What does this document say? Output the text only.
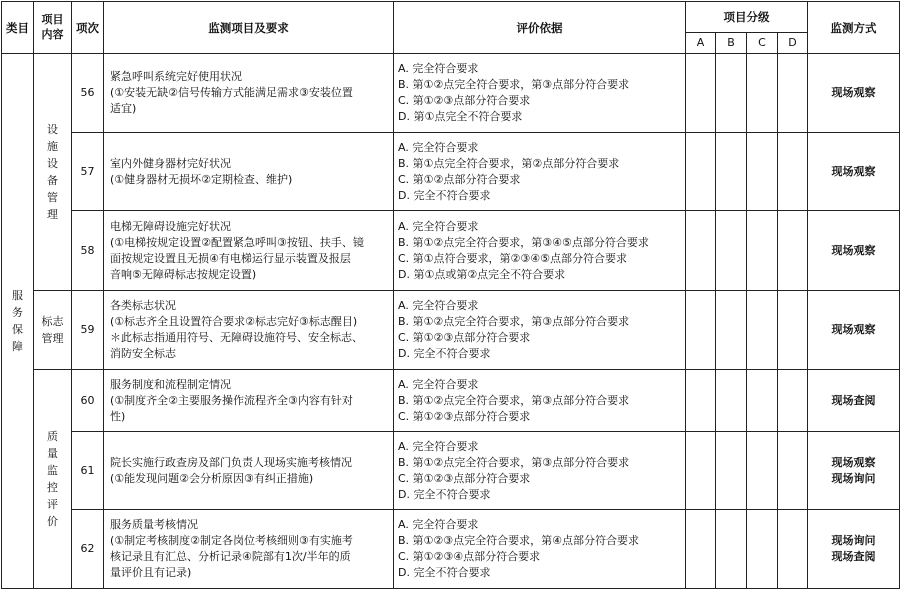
类目	项目内容	项次	监测项目及要求	评价依据	项目分级				监测方式
					A	B	C	D	
服务保障	设施设备管理	56	紧急呼叫系统完好使用状况
(①安装无缺②信号传输方式能满足需求③安装位置
适宜)	A. 完全符合要求
B. 第①②点完全符合要求，第③点部分符合要求
C. 第①②③点部分符合要求
D. 第①点完全不符合要求					现场观察

		57	室内外健身器材完好状况
(①健身器材无损坏②定期检查、维护)	A. 完全符合要求
B. 第①点完全符合要求，第②点部分符合要求
C. 第①②点部分符合要求
D. 完全不符合要求					现场观察

		58	电梯无障碍设施完好状况
(①电梯按规定设置②配置紧急呼叫③按钮、扶手、镜
面按规定设置且无损④有电梯运行显示装置及报层
音响⑤无障碍标志按规定设置)	A. 完全符合要求
B. 第①②点完全符合要求，第③④⑤点部分符合要求
C. 第①点符合要求，第②③④⑤点部分符合要求
D. 第①点或第②点完全不符合要求					现场观察

	标志管理	59	各类标志状况
(①标志齐全且设置符合要求②标志完好③标志醒目)
＊此标志指通用符号、无障碍设施符号、安全标志、
消防安全标志	A. 完全符合要求
B. 第①②点完全符合要求，第③点部分符合要求
C. 第①②③点部分符合要求
D. 完全不符合要求					现场观察

	质量监控评价	60	服务制度和流程制定情况
(①制度齐全②主要服务操作流程齐全③内容有针对
性)	A. 完全符合要求
B. 第①②点完全符合要求，第③点部分符合要求
C. 第①②③点部分符合要求					现场查阅

		61	院长实施行政查房及部门负责人现场实施考核情况
(①能发现问题②会分析原因③有纠正措施)	A. 完全符合要求
B. 第①②点完全符合要求，第③点部分符合要求
C. 第①②③点部分符合要求
D. 完全不符合要求					现场观察
现场询问

		62	服务质量考核情况
(①制定考核制度②制定各岗位考核细则③有实施考
核记录且有汇总、分析记录④院部有1次/半年的质
量评价且有记录)	A. 完全符合要求
B. 第①②③点完全符合要求，第④点部分符合要求
C. 第①②③④点部分符合要求
D. 完全不符合要求					现场询问
现场查阅
